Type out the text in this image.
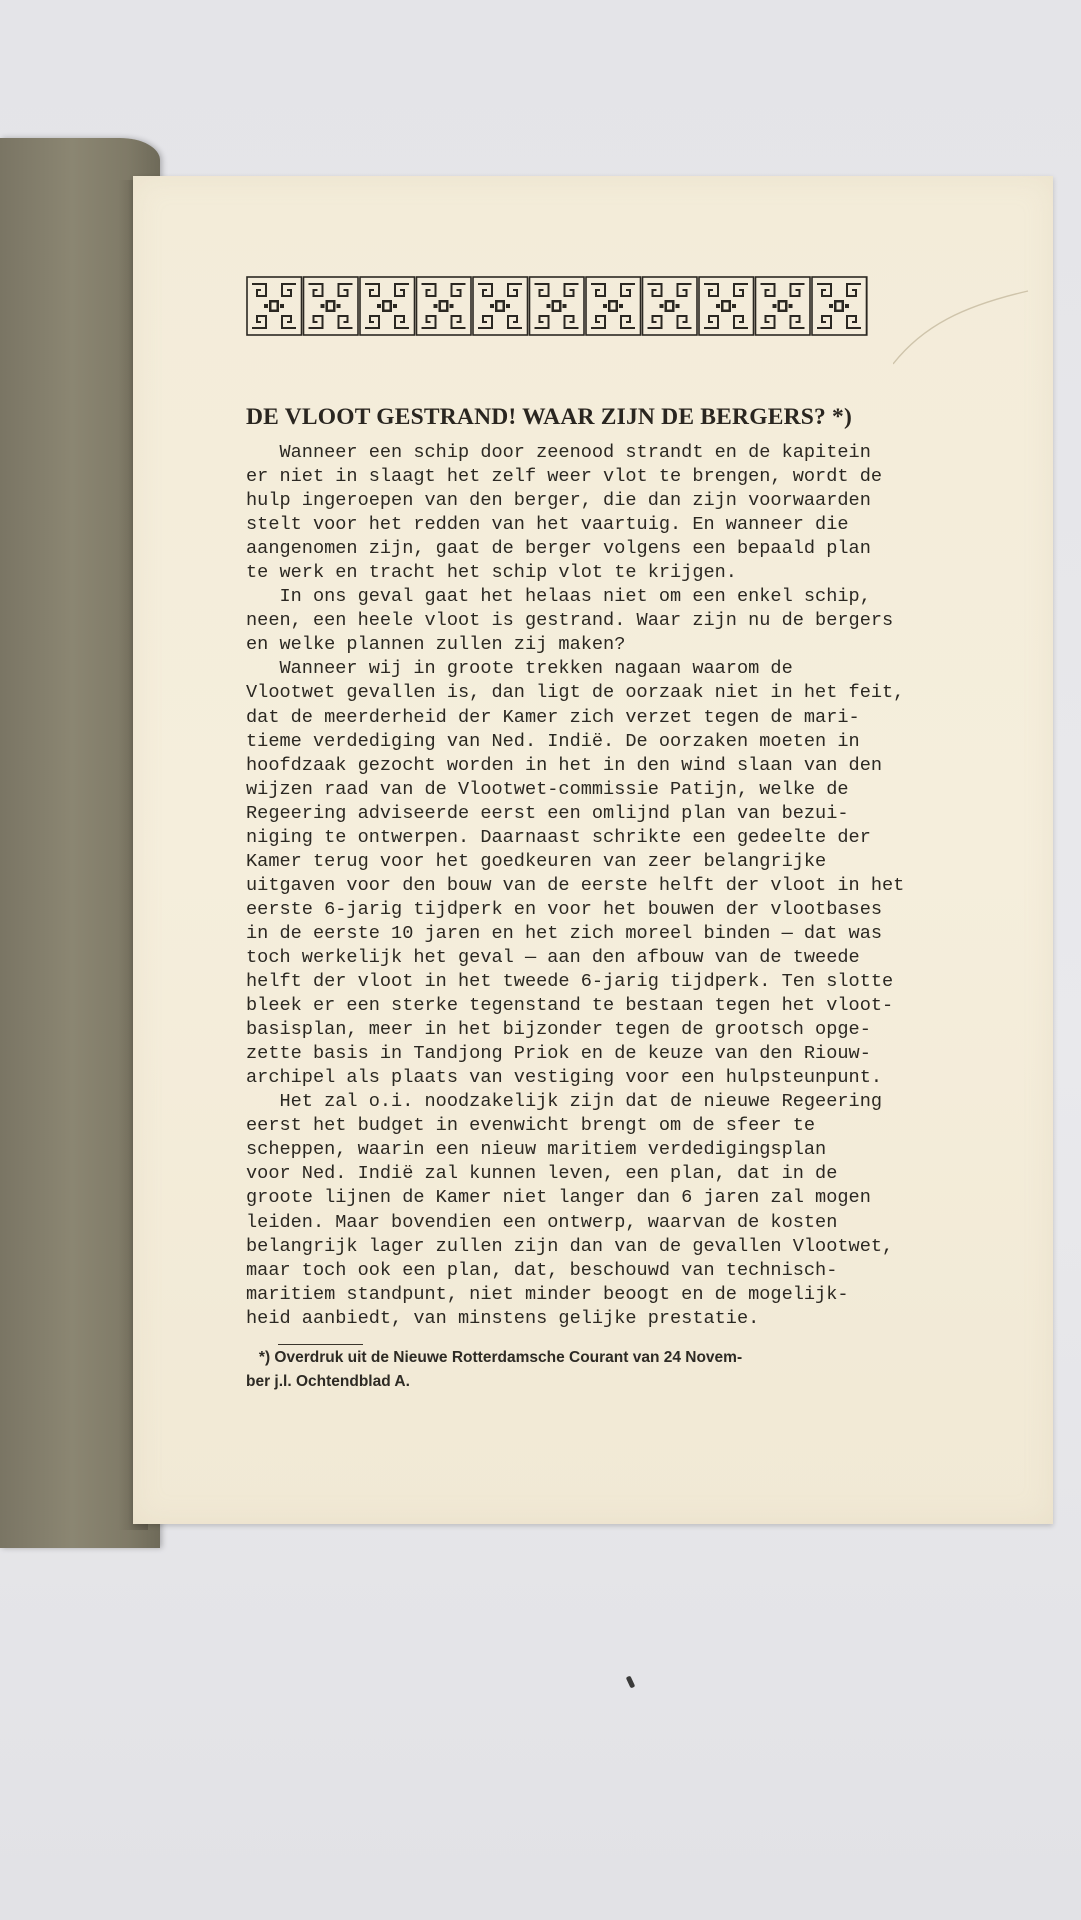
DE VLOOT GESTRAND! WAAR ZIJN DE BERGERS? *)
Wanneer een schip door zeenood strandt en de kapitein
er niet in slaagt het zelf weer vlot te brengen, wordt de
hulp ingeroepen van den berger, die dan zijn voorwaarden
stelt voor het redden van het vaartuig. En wanneer die
aangenomen zijn, gaat de berger volgens een bepaald plan
te werk en tracht het schip vlot te krijgen.
In ons geval gaat het helaas niet om een enkel schip,
neen, een heele vloot is gestrand. Waar zijn nu de bergers
en welke plannen zullen zij maken?
Wanneer wij in groote trekken nagaan waarom de
Vlootwet gevallen is, dan ligt de oorzaak niet in het feit,
dat de meerderheid der Kamer zich verzet tegen de mari-
tieme verdediging van Ned. Indië. De oorzaken moeten in
hoofdzaak gezocht worden in het in den wind slaan van den
wijzen raad van de Vlootwet-commissie Patijn, welke de
Regeering adviseerde eerst een omlijnd plan van bezui-
niging te ontwerpen. Daarnaast schrikte een gedeelte der
Kamer terug voor het goedkeuren van zeer belangrijke
uitgaven voor den bouw van de eerste helft der vloot in het
eerste 6-jarig tijdperk en voor het bouwen der vlootbases
in de eerste 10 jaren en het zich moreel binden — dat was
toch werkelijk het geval — aan den afbouw van de tweede
helft der vloot in het tweede 6-jarig tijdperk. Ten slotte
bleek er een sterke tegenstand te bestaan tegen het vloot-
basisplan, meer in het bijzonder tegen de grootsch opge-
zette basis in Tandjong Priok en de keuze van den Riouw-
archipel als plaats van vestiging voor een hulpsteunpunt.
Het zal o.i. noodzakelijk zijn dat de nieuwe Regeering
eerst het budget in evenwicht brengt om de sfeer te
scheppen, waarin een nieuw maritiem verdedigingsplan
voor Ned. Indië zal kunnen leven, een plan, dat in de
groote lijnen de Kamer niet langer dan 6 jaren zal mogen
leiden. Maar bovendien een ontwerp, waarvan de kosten
belangrijk lager zullen zijn dan van de gevallen Vlootwet,
maar toch ook een plan, dat, beschouwd van technisch-
maritiem standpunt, niet minder beoogt en de mogelijk-
heid aanbiedt, van minstens gelijke prestatie.
*) Overdruk uit de Nieuwe Rotterdamsche Courant van 24 Novem-
ber j.l. Ochtendblad A.
